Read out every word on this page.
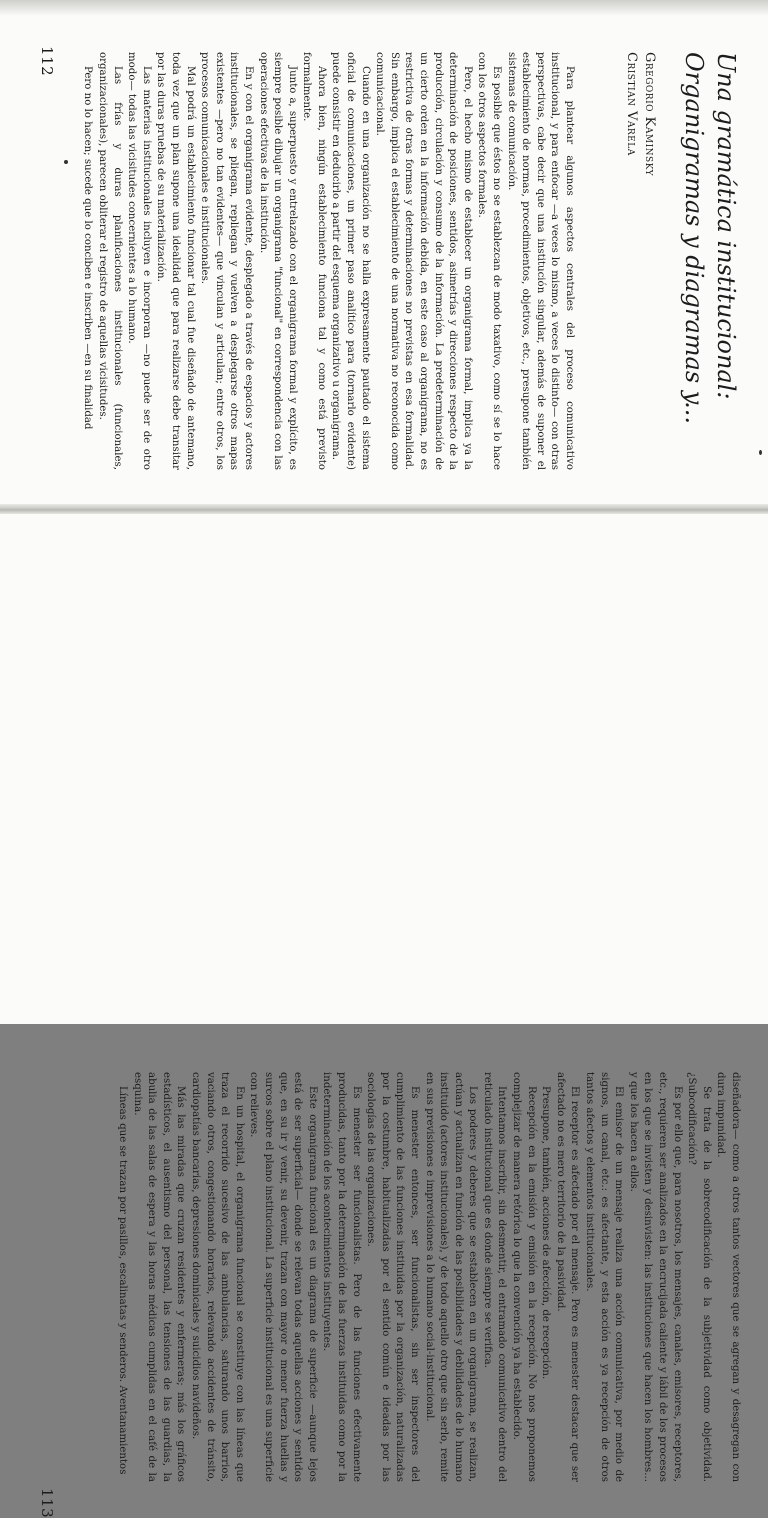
Una gramática institucional:
Organigramas y diagramas y...

Gregorio Kaminsky

Cristian Varela

Para plantear algunos aspectos centrales del proceso comunicativo institucional, y para enfocar —a veces lo mismo, a veces lo distinto— con otras perspectivas, cabe decir que una institución singular, además de suponer el establecimiento de normas, procedimientos, objetivos, etc., presupone también sistemas de comunicación.

Es posible que éstos no se establezcan de modo taxativo, como sí se lo hace con los otros aspectos formales.

Pero, el hecho mismo de establecer un organigrama formal, implica ya la determinación de posiciones, sentidos, asimetrías y direcciones respecto de la producción, circulación y consumo de la información. La predeterminación de un cierto orden en la información debida, en este caso al organigrama, no es restrictiva de otras formas y determinaciones no previstas en esa formalidad. Sin embargo, implica el establecimiento de una normativa no reconocida como comunicacional.

Cuando en una organización no se halla expresamente pautado el sistema oficial de comunicaciones, un primer paso analítico para (tornarlo evidente) puede consistir en deducirlo a partir del esquema organizativo u organigrama.

Ahora bien, ningún establecimiento funciona tal y como está previsto formalmente.

Junto a, superpuesto y entrelazado con el organigrama formal y explícito, es siempre posible dibujar un organigrama "funcional" en correspondencia con las operaciones efectivas de la institución.

En y con el organigrama evidente, desplegado a través de espacios y actores institucionales, se pliegan, repliegan y vuelven a desplegarse otros mapas existentes —pero no tan evidentes— que vinculan y articulan; entre otros, los procesos comunicacionales e institucionales.

Mal podrá un establecimiento funcionar tal cual fue diseñado de antemano, toda vez que un plan supone una idealidad que para realizarse debe transitar por las duras pruebas de su materialización.

Las materias institucionales incluyen e incorporan —no puede ser de otro modo— todas las vicisitudes concernientes a lo humano.

Las frías y duras planificaciones institucionales (funcionales, organizacionales), parecen obliterar el registro de aquellas vicisitudes.

Pero no lo hacen; sucede que lo conciben e inscriben —en su finalidad

112

diseñadora— como a otros tantos vectores que se agregan y desagregan con dura impunidad.

Se trata de la sobrecodificación de la subjetividad como objetividad. ¿Subcodificación?

Es por ello que, para nosotros, los mensajes, canales, emisores, receptores, etc., requieren ser analizados en la encrucijada caliente y lábil de los procesos en los que se invisten y desinvisten: las instituciones que hacen los hombres... y que los hacen a ellos.

El emisor de un mensaje realiza una acción comunicativa, por medio de signos, un canal, etc.: es afectante, y esta acción es ya recepción de otros tantos afectos y elementos institucionales.

El receptor es afectado por el mensaje. Pero es menester destacar que ser afectado no es mero territorio de la pasividad.

Presupone, también, acciones de afección, de recepción.

Recepción en la emisión y emisión en la recepción. No nos proponemos complejizar de manera retórica lo que la convención ya ha establecido.

Intentamos inscribir, sin desmentir, el entramado comunicativo dentro del reticulado institucional que es donde siempre se verifica.

Los poderes y deberes que se establecen en un organigrama, se realizan, actúan y actualizan en función de las posibilidades y debilidades de lo humano instituido (actores institucionales), y de todo aquello otro que sin serlo, remite en sus previsiones e imprevisiones a lo humano social-institucional.

Es menester entonces, ser funcionalistas, sin ser inspectores del cumplimiento de las funciones instituidas por la organización, naturalizadas por la costumbre, habitualizadas por el sentido común e ideadas por las sociologías de las organizaciones.

Es menester ser funcionalistas. Pero de las funciones efectivamente producidas, tanto por la determinación de las fuerzas instituidas como por la indeterminación de los acontecimientos instituyentes.

Este organigrama funcional es un diagrama de superficie —aunque lejos está de ser superficial— donde se relevan todas aquellas acciones y sentidos que, en su ir y venir, su devenir, trazan con mayor o menor fuerza huellas y surcos sobre el plano institucional. La superficie institucional es una superficie con relieves.

En un hospital, el organigrama funcional se constituye con las líneas que traza el recorrido sucesivo de las ambulancias, saturando unos barrios, vaciando otros, congestionando horarios, relevando accidentes de tránsito, cardiopatías bancarias, depresiones dominicales y suicidios navideños.

Más las miradas que cruzan residentes y enfermeras; más los gráficos estadísticos, el ausentismo del personal, las tensiones de las guardias, la abulia de las salas de espera y las horas médicas cumplidas en el café de la esquina.

Líneas que se trazan por pasillos, escalinatas y senderos. Aventanamientos

113
